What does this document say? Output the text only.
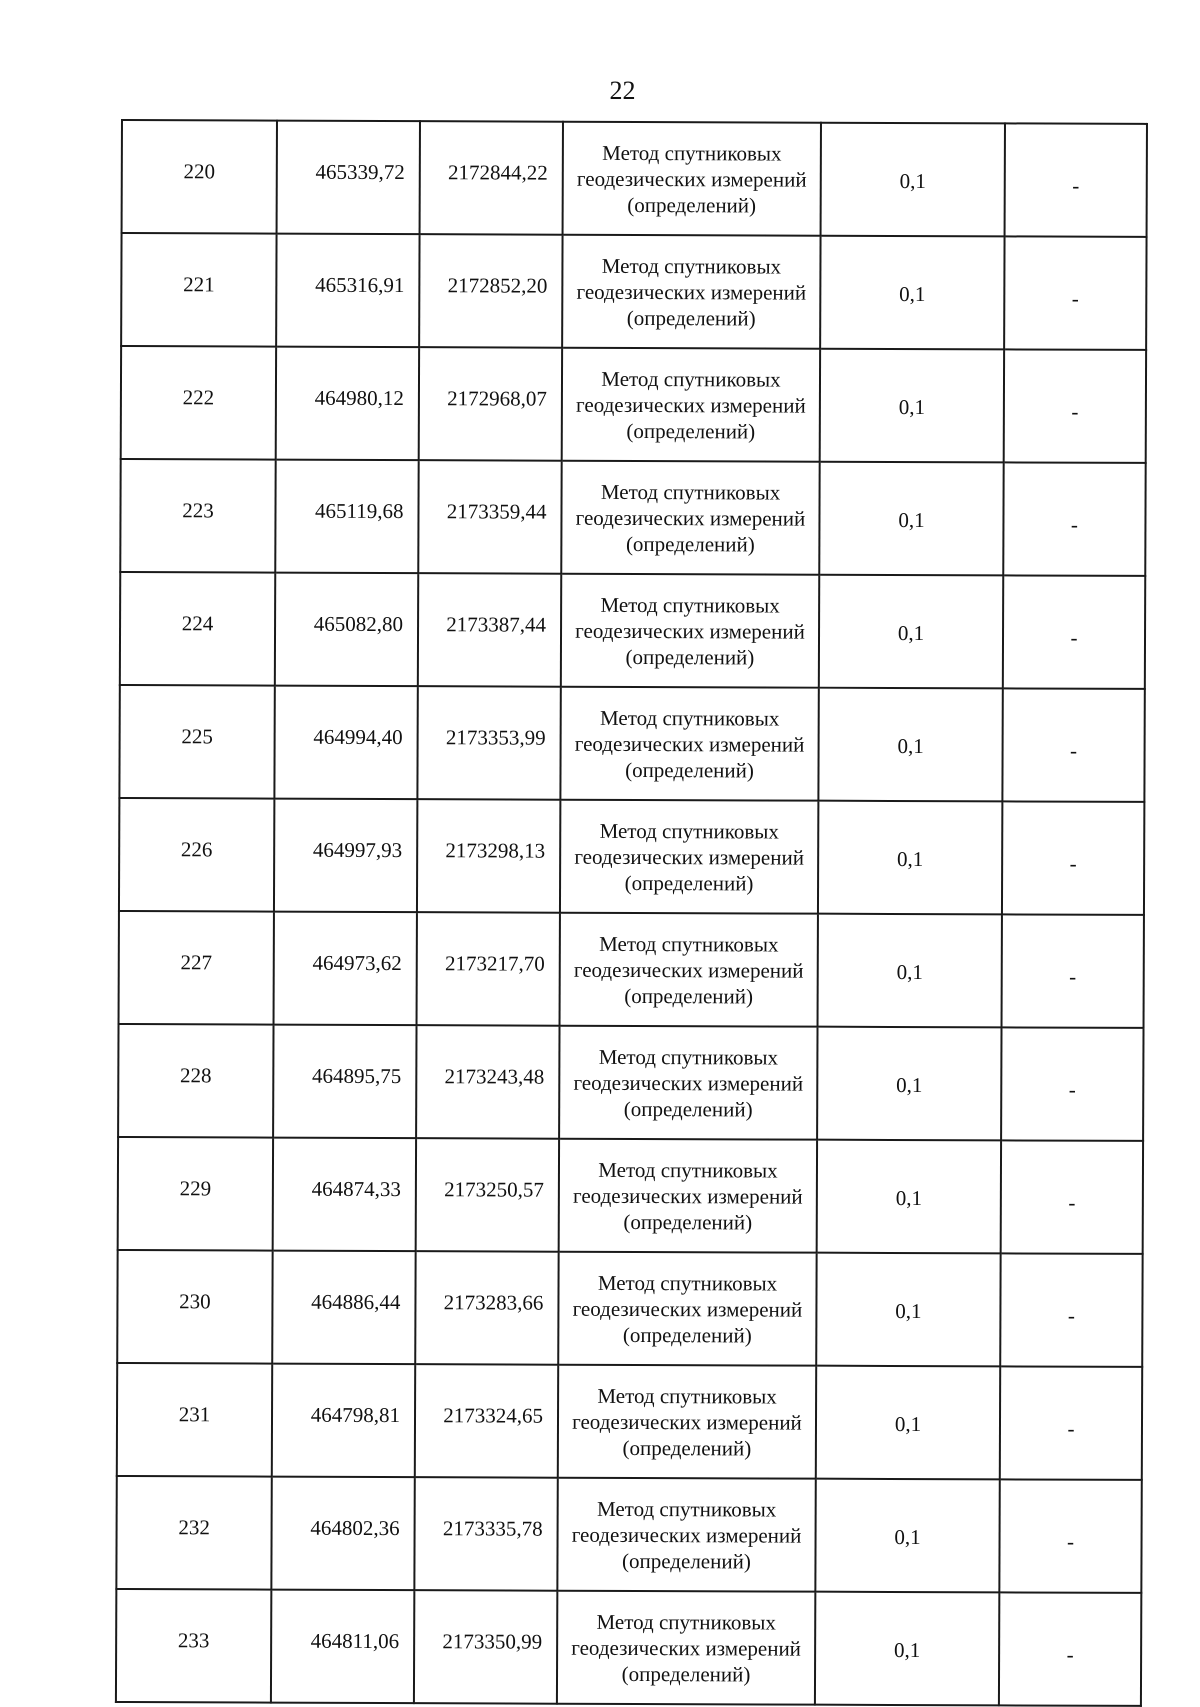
22
220	465339,72	2172844,22	Метод спутниковых
геодезических измерений
(определений)	0,1	-
221	465316,91	2172852,20	Метод спутниковых
геодезических измерений
(определений)	0,1	-
222	464980,12	2172968,07	Метод спутниковых
геодезических измерений
(определений)	0,1	-
223	465119,68	2173359,44	Метод спутниковых
геодезических измерений
(определений)	0,1	-
224	465082,80	2173387,44	Метод спутниковых
геодезических измерений
(определений)	0,1	-
225	464994,40	2173353,99	Метод спутниковых
геодезических измерений
(определений)	0,1	-
226	464997,93	2173298,13	Метод спутниковых
геодезических измерений
(определений)	0,1	-
227	464973,62	2173217,70	Метод спутниковых
геодезических измерений
(определений)	0,1	-
228	464895,75	2173243,48	Метод спутниковых
геодезических измерений
(определений)	0,1	-
229	464874,33	2173250,57	Метод спутниковых
геодезических измерений
(определений)	0,1	-
230	464886,44	2173283,66	Метод спутниковых
геодезических измерений
(определений)	0,1	-
231	464798,81	2173324,65	Метод спутниковых
геодезических измерений
(определений)	0,1	-
232	464802,36	2173335,78	Метод спутниковых
геодезических измерений
(определений)	0,1	-
233	464811,06	2173350,99	Метод спутниковых
геодезических измерений
(определений)	0,1	-
